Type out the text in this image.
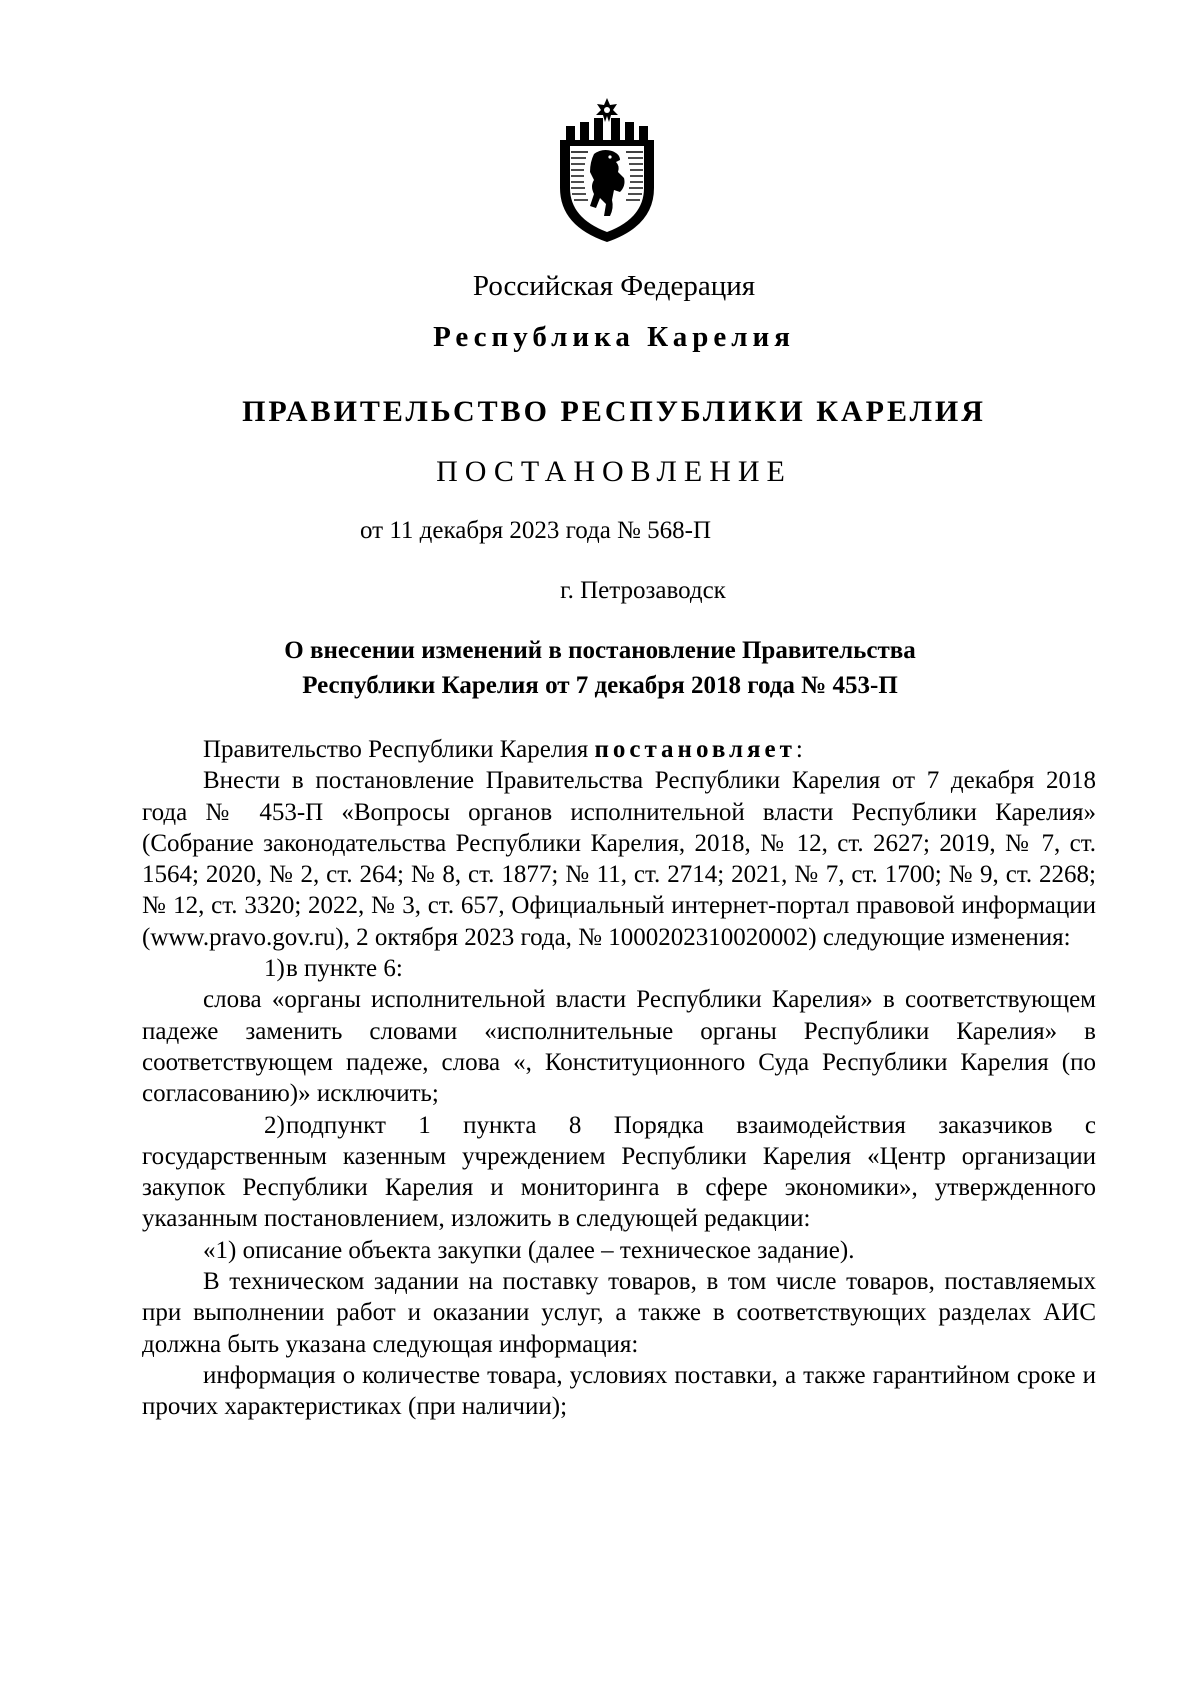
Российская Федерация
Республика Карелия
ПРАВИТЕЛЬСТВО РЕСПУБЛИКИ КАРЕЛИЯ
ПОСТАНОВЛЕНИЕ
от 11 декабря 2023 года № 568-П
г. Петрозаводск
О внесении изменений в постановление Правительства
Республики Карелия от 7 декабря 2018 года № 453-П

Правительство Республики Карелия постановляет:

Внести в постановление Правительства Республики Карелия от 7 декабря 2018 года № 453-П «Вопросы органов исполнительной власти Республики Карелия» (Собрание законодательства Республики Карелия, 2018, № 12, ст. 2627; 2019, № 7, ст. 1564; 2020, № 2, ст. 264; № 8, ст. 1877; № 11, ст. 2714; 2021, № 7, ст. 1700; № 9, ст. 2268; № 12, ст. 3320; 2022, № 3, ст. 657, Официальный интернет-портал правовой информации (www.pravo.gov.ru), 2 октября 2023 года, № 1000202310020002) следующие изменения:

1)в пункте 6:

слова «органы исполнительной власти Республики Карелия» в соответствующем падеже заменить словами «исполнительные органы Республики Карелия» в соответствующем падеже, слова «, Конституционного Суда Республики Карелия (по согласованию)» исключить;

2)подпункт 1 пункта 8 Порядка взаимодействия заказчиков с государственным казенным учреждением Республики Карелия «Центр организации закупок Республики Карелия и мониторинга в сфере экономики», утвержденного указанным постановлением, изложить в следующей редакции:

«1) описание объекта закупки (далее – техническое задание).

В техническом задании на поставку товаров, в том числе товаров, поставляемых при выполнении работ и оказании услуг, а также в соответствующих разделах АИС должна быть указана следующая информация:

информация о количестве товара, условиях поставки, а также гарантийном сроке и прочих характеристиках (при наличии);
